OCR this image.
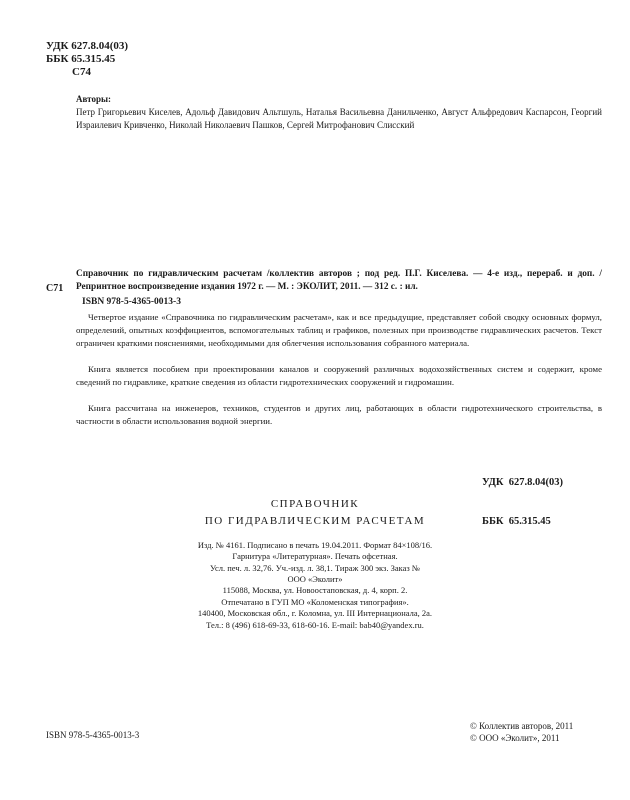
УДК 627.8.04(03)
ББК 65.315.45
С74
Авторы:
Петр Григорьевич Киселев, Адольф Давидович Альтшуль, Наталья Васильевна Данильченко, Август Альфредович Каспарсон, Георгий Израилевич Кривченко, Николай Николаевич Пашков, Сергей Митрофанович Слисский
Справочник по гидравлическим расчетам /коллектив авторов ; под ред. П.Г. Киселева. — 4-е изд., перераб. и доп. / Репринтное воспроизведение издания 1972 г. — М. : ЭКОЛИТ, 2011. — 312 с. : ил.
С71
ISBN 978-5-4365-0013-3
Четвертое издание «Справочника по гидравлическим расчетам», как и все предыдущие, представляет собой сводку основных формул, определений, опытных коэффициентов, вспомогательных таблиц и графиков, полезных при производстве гидравлических расчетов. Текст ограничен краткими пояснениями, необходимыми для облегчения использования собранного материала.
Книга является пособием при проектировании каналов и сооружений различных водохозяйственных систем и содержит, кроме сведений по гидравлике, краткие сведения из области гидротехнических сооружений и гидромашин.
Книга рассчитана на инженеров, техников, студентов и других лиц, работающих в области гидротехнического строительства, в частности в области использования водной энергии.

УДК  627.8.04(03)

ББК  65.315.45

СПРАВОЧНИК
ПО ГИДРАВЛИЧЕСКИМ РАСЧЕТАМ
Изд. № 4161. Подписано в печать 19.04.2011. Формат 84×108/16.
Гарнитура «Литературная». Печать офсетная.
Усл. печ. л. 32,76. Уч.-изд. л. 38,1. Тираж 300 экз. Заказ №
ООО «Эколит»
115088, Москва, ул. Новоостаповская, д. 4, корп. 2.
Отпечатано в ГУП МО «Коломенская типография».
140400, Московская обл., г. Коломна, ул. III Интернационала, 2а.
Тел.: 8 (496) 618-69-33, 618-60-16. E-mail: bab40@yandex.ru.
ISBN 978-5-4365-0013-3
© Коллектив авторов, 2011
© ООО «Эколит», 2011
